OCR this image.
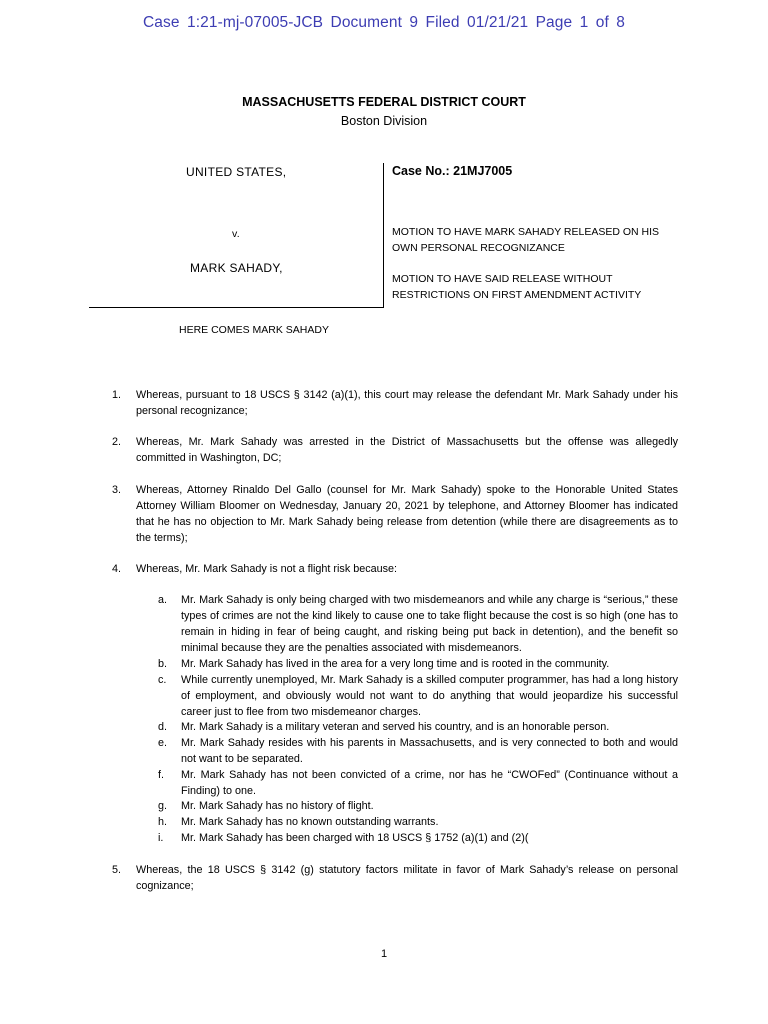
Case 1:21-mj-07005-JCB Document 9 Filed 01/21/21 Page 1 of 8
MASSACHUSETTS FEDERAL DISTRICT COURT
Boston Division
UNITED STATES,
v.
MARK SAHADY,
Case No.: 21MJ7005
MOTION TO HAVE MARK SAHADY RELEASED ON HIS
OWN PERSONAL RECOGNIZANCE
MOTION TO HAVE SAID RELEASE WITHOUT
RESTRICTIONS ON FIRST AMENDMENT ACTIVITY
HERE COMES MARK SAHADY
1. Whereas, pursuant to 18 USCS § 3142 (a)(1), this court may release the defendant Mr. Mark Sahady under his personal recognizance;
2. Whereas, Mr. Mark Sahady was arrested in the District of Massachusetts but the offense was allegedly committed in Washington, DC;
3. Whereas, Attorney Rinaldo Del Gallo (counsel for Mr. Mark Sahady) spoke to the Honorable United States Attorney William Bloomer on Wednesday, January 20, 2021 by telephone, and Attorney Bloomer has indicated that he has no objection to Mr. Mark Sahady being release from detention (while there are disagreements as to the terms);
4. Whereas, Mr. Mark Sahady is not a flight risk because:
a. Mr. Mark Sahady is only being charged with two misdemeanors and while any charge is “serious,” these types of crimes are not the kind likely to cause one to take flight because the cost is so high (one has to remain in hiding in fear of being caught, and risking being put back in detention), and the benefit so minimal because they are the penalties associated with misdemeanors.
b. Mr. Mark Sahady has lived in the area for a very long time and is rooted in the community.
c. While currently unemployed, Mr. Mark Sahady is a skilled computer programmer, has had a long history of employment, and obviously would not want to do anything that would jeopardize his successful career just to flee from two misdemeanor charges.
d. Mr. Mark Sahady is a military veteran and served his country, and is an honorable person.
e. Mr. Mark Sahady resides with his parents in Massachusetts, and is very connected to both and would not want to be separated.
f. Mr. Mark Sahady has not been convicted of a crime, nor has he “CWOFed” (Continuance without a Finding) to one.
g. Mr. Mark Sahady has no history of flight.
h. Mr. Mark Sahady has no known outstanding warrants.
i. Mr. Mark Sahady has been charged with 18 USCS § 1752 (a)(1) and (2)(
5. Whereas, the 18 USCS § 3142 (g) statutory factors militate in favor of Mark Sahady’s release on personal cognizance;
1
